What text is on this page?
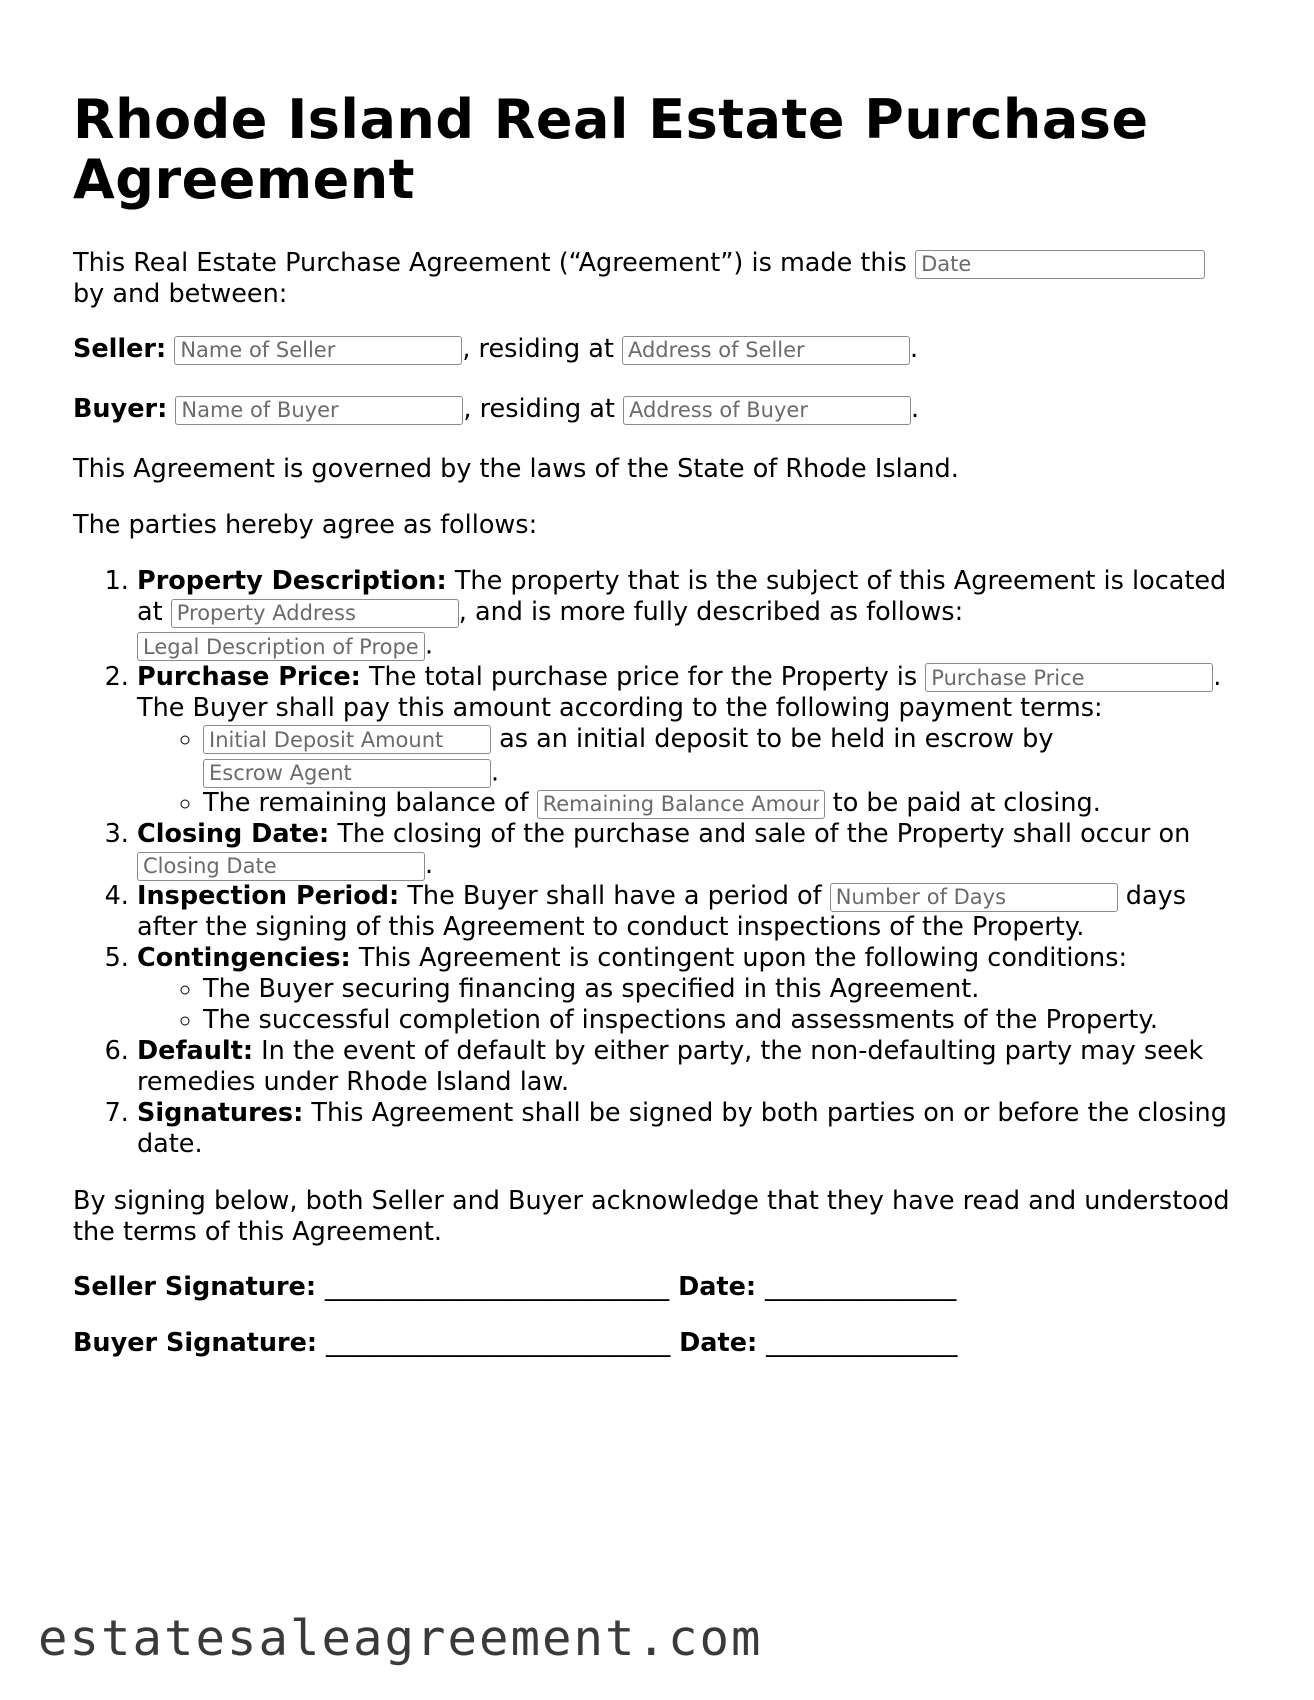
Rhode Island Real Estate Purchase Agreement

This Real Estate Purchase Agreement (“Agreement”) is made this Date
by and between:

Seller: Name of Seller	, residing at Address of Seller	.

Buyer: Name of Buyer	, residing at Address of Buyer	.

This Agreement is governed by the laws of the State of Rhode Island.

The parties hereby agree as follows:

1. Property Description: The property that is the subject of this Agreement is located at Property Address	, and is more fully described as follows:
Legal Description of Property.
2. Purchase Price: The total purchase price for the Property is Purchase Price	. The Buyer shall pay this amount according to the following payment terms:
Initial Deposit Amount ◦ as an initial deposit to be held in escrow by
Escrow Agent.
◦ The remaining balance of Remaining Balance Amount	to be paid at closing.
3. Closing Date: The closing of the purchase and sale of the Property shall occur on
Closing Date.
4. Inspection Period: The Buyer shall have a period of Number of Days	days after the signing of this Agreement to conduct inspections of the Property.
5. Contingencies: This Agreement is contingent upon the following conditions:
◦ The Buyer securing financing as specified in this Agreement.
◦ The successful completion of inspections and assessments of the Property.
6. Default: In the event of default by either party, the non-defaulting party may seek remedies under Rhode Island law.
7. Signatures: This Agreement shall be signed by both parties on or before the closing date.

By signing below, both Seller and Buyer acknowledge that they have read and understood the terms of this Agreement.

Seller Signature: ___________________________ Date: _______________

Buyer Signature: ___________________________ Date: _______________

estatesaleagreement.com
